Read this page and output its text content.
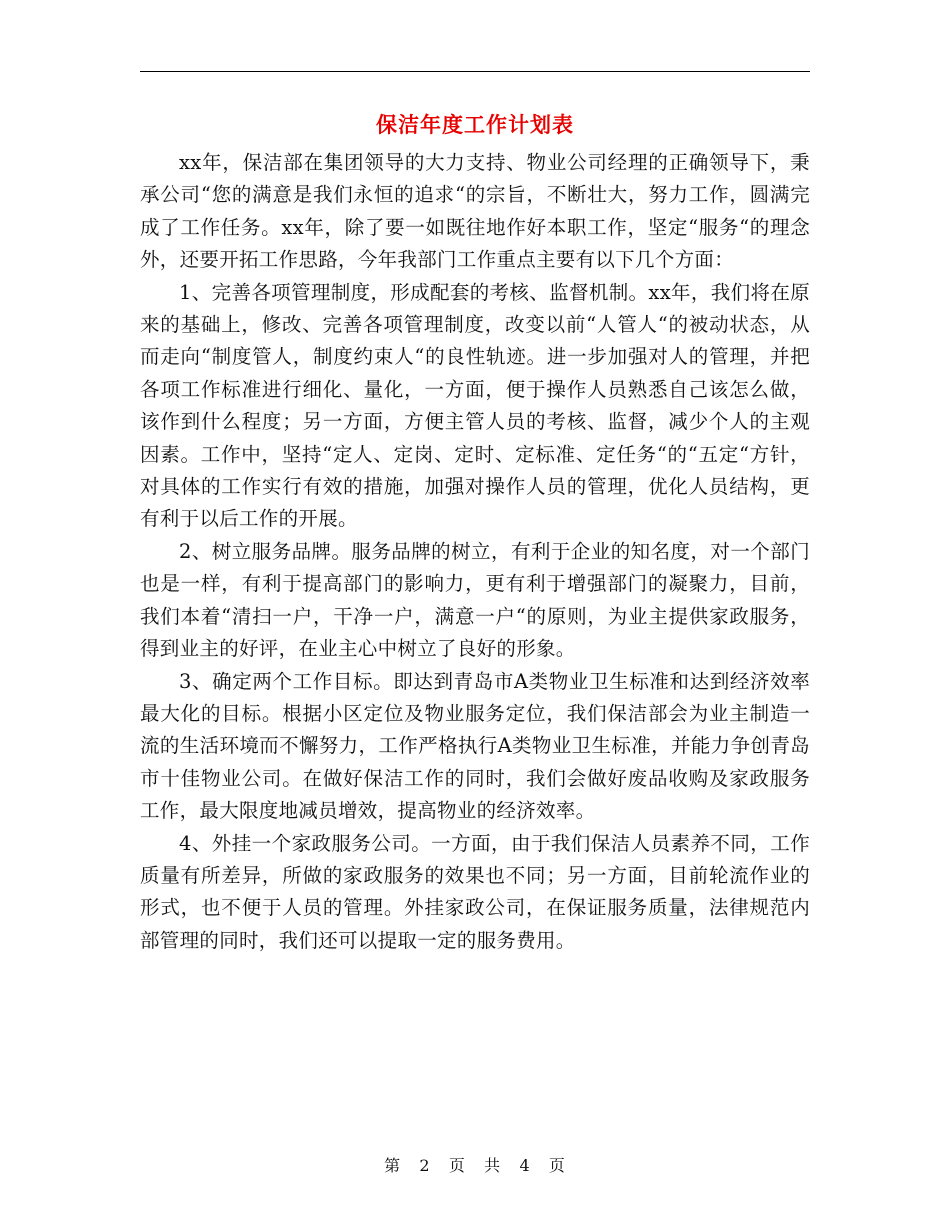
保洁年度工作计划表

xx年，保洁部在集团领导的大力支持、物业公司经理的正确领导下，秉承公司“您的满意是我们永恒的追求“的宗旨，不断壮大，努力工作，圆满完成了工作任务。xx年，除了要一如既往地作好本职工作，坚定“服务“的理念外，还要开拓工作思路，今年我部门工作重点主要有以下几个方面：

1、完善各项管理制度，形成配套的考核、监督机制。xx年，我们将在原来的基础上，修改、完善各项管理制度，改变以前“人管人“的被动状态，从而走向“制度管人，制度约束人“的良性轨迹。进一步加强对人的管理，并把各项工作标准进行细化、量化，一方面，便于操作人员熟悉自己该怎么做，该作到什么程度；另一方面，方便主管人员的考核、监督，减少个人的主观因素。工作中，坚持“定人、定岗、定时、定标准、定任务“的“五定“方针，对具体的工作实行有效的措施，加强对操作人员的管理，优化人员结构，更有利于以后工作的开展。

2、树立服务品牌。服务品牌的树立，有利于企业的知名度，对一个部门也是一样，有利于提高部门的影响力，更有利于增强部门的凝聚力，目前，我们本着“清扫一户，干净一户，满意一户“的原则，为业主提供家政服务，得到业主的好评，在业主心中树立了良好的形象。

3、确定两个工作目标。即达到青岛市A类物业卫生标准和达到经济效率最大化的目标。根据小区定位及物业服务定位，我们保洁部会为业主制造一流的生活环境而不懈努力，工作严格执行A类物业卫生标准，并能力争创青岛市十佳物业公司。在做好保洁工作的同时，我们会做好废品收购及家政服务工作，最大限度地减员增效，提高物业的经济效率。

4、外挂一个家政服务公司。一方面，由于我们保洁人员素养不同，工作质量有所差异，所做的家政服务的效果也不同；另一方面，目前轮流作业的形式，也不便于人员的管理。外挂家政公司，在保证服务质量，法律规范内部管理的同时，我们还可以提取一定的服务费用。

第 2 页 共 4 页
